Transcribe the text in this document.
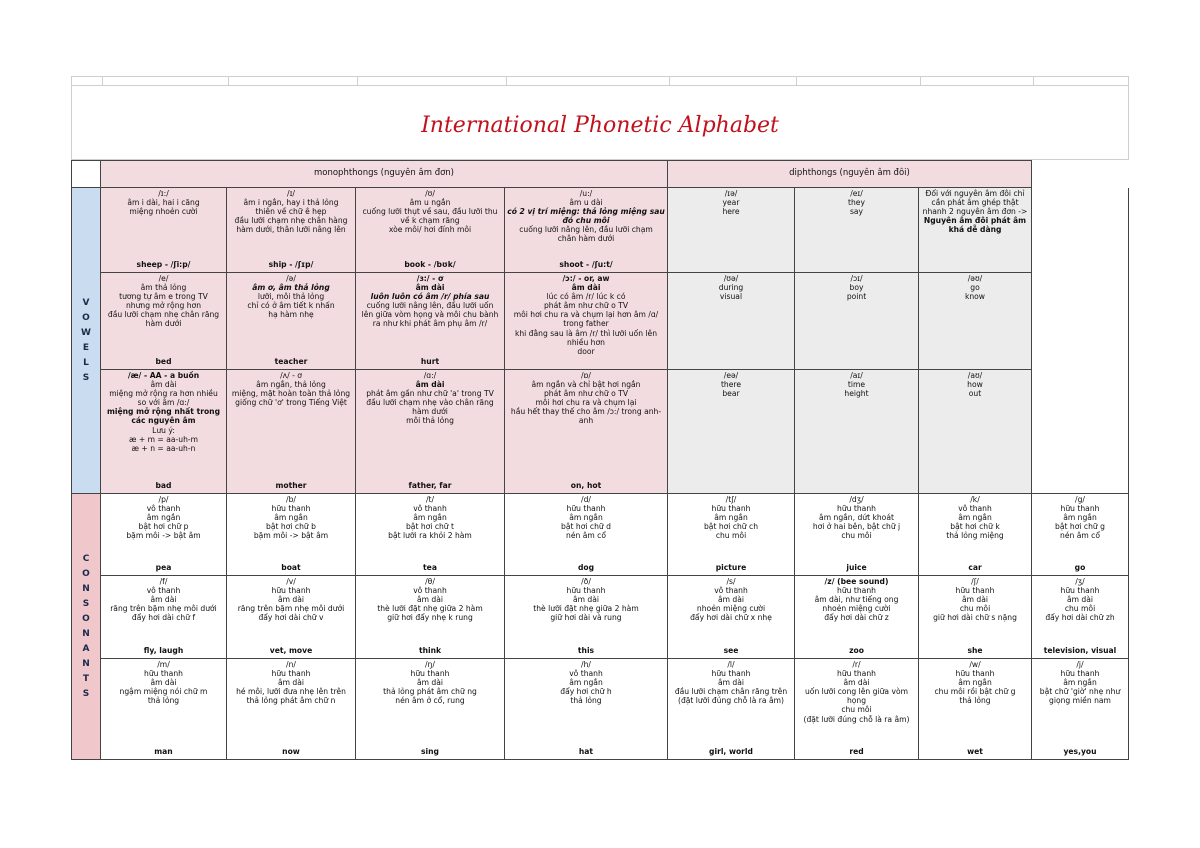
International Phonetic Alphabet
monophthongs (nguyên âm đơn)	diphthongs (nguyên âm đôi)
V
O
W
E
L
S
C
O
N
S
O
N
A
N
T
S

/ɪ:/

âm i dài, hai i căng

miệng nhoẻn cười

sheep - /ʃi:p/

/ɪ/

âm i ngắn, hay i thả lỏng

thiên về chữ ê hẹp

đầu lưỡi chạm nhẹ chân hàng

hàm dưới, thân lưỡi nâng lên

ship - /ʃɪp/

/ʊ/

âm u ngắn

cuống lưỡi thụt về sau, đầu lưỡi thu

về k chạm răng

xòe môi/ hơi đính môi

book - /bʊk/

/u:/

âm u dài

có 2 vị trí miệng: thả lỏng miệng sau đó chu môi

cuống lưỡi nâng lên, đầu lưỡi chạm

chân hàm dưới

shoot - /ʃu:t/

/ɪə/

year

here

/eɪ/

they

say

Đối với nguyên âm đôi chỉ

cần phát âm ghép thật

nhanh 2 nguyên âm đơn ->

Nguyên âm đôi phát âm

khá dễ dàng

/e/

âm thả lỏng

tương tự âm e trong TV

nhưng mở rộng hơn

đầu lưỡi chạm nhẹ chân răng

hàm dưới

bed

/ə/

âm ơ, âm thả lỏng

lưỡi, môi thả lỏng

chỉ có ở âm tiết k nhấn

hạ hàm nhẹ

teacher

/ɜ:/ - ơ

âm dài

luôn luôn có âm /r/ phía sau

cuống lưỡi nâng lên, đầu lưỡi uốn

lên giữa vòm họng và môi chu bành

ra như khi phát âm phụ âm /r/

hurt

/ɔ:/ - or, aw

âm dài

lúc có âm /r/ lúc k có

phát âm như chữ o TV

môi hơi chu ra và chụm lại hơn âm /ɑ/

trong father

khi đằng sau là âm /r/ thì lưỡi uốn lên

nhiều hơn

door

/ʊə/

during

visual

/ɔɪ/

boy

point

/əʊ/

go

know

/æ/ - AA - a buồn

âm dài

miệng mở rộng ra hơn nhiều

so với âm /ɑ:/

miệng mở rộng nhất trong

các nguyên âm

Lưu ý:

æ + m = aa-uh-m

æ + n = aa-uh-n

bad

/ʌ/ - ơ

âm ngắn, thả lỏng

miệng, mặt hoàn toàn thả lỏng

giống chữ 'ơ' trong Tiếng Việt

mother

/ɑ:/

âm dài

phát âm gần như chữ 'a' trong TV

đầu lưỡi chạm nhẹ vào chân răng

hàm dưới

môi thả lỏng

father, far

/ɒ/

âm ngắn và chỉ bật hơi ngắn

phát âm như chữ o TV

môi hơi chu ra và chụm lại

hầu hết thay thế cho âm /ɔ:/ trong anh-

anh

on, hot

/eə/

there

bear

/aɪ/

time

height

/aʊ/

how

out

/p/

vô thanh

âm ngắn

bật hơi chữ p

bặm môi -> bật âm

pea

/b/

hữu thanh

âm ngắn

bật hơi chữ b

bặm môi -> bật âm

boat

/t/

vô thanh

âm ngắn

bật hơi chữ t

bật lưỡi ra khỏi 2 hàm

tea

/d/

hữu thanh

âm ngắn

bật hơi chữ d

nén âm cổ

dog

/tʃ/

hữu thanh

âm ngắn

bật hơi chữ ch

chu môi

picture

/dʒ/

hữu thanh

âm ngắn, dứt khoát

hơi ở hai bên, bật chữ j

chu môi

juice

/k/

vô thanh

âm ngắn

bật hơi chữ k

thả lỏng miệng

car

/g/

hữu thanh

âm ngắn

bật hơi chữ g

nén âm cổ

go

/f/

vô thanh

âm dài

răng trên bặm nhẹ môi dưới

đẩy hơi dài chữ f

fly, laugh

/v/

hữu thanh

âm dài

răng trên bặm nhẹ môi dưới

đẩy hơi dài chữ v

vet, move

/θ/

vô thanh

âm dài

thè lưỡi đặt nhẹ giữa 2 hàm

giữ hơi đẩy nhẹ k rung

think

/ð/

hữu thanh

âm dài

thè lưỡi đặt nhẹ giữa 2 hàm

giữ hơi dài và rung

this

/s/

vô thanh

âm dài

nhoẻn miệng cười

đẩy hơi dài chữ x nhẹ

see

/z/ (bee sound)

hữu thanh

âm dài, như tiếng ong

nhoẻn miệng cười

đẩy hơi dài chữ z

zoo

/ʃ/

hữu thanh

âm dài

chu môi

giữ hơi dài chữ s nặng

she

/ʒ/

hữu thanh

âm dài

chu môi

đẩy hơi dài chữ zh

television, visual

/m/

hữu thanh

âm dài

ngậm miệng nói chữ m

thả lỏng

man

/n/

hữu thanh

âm dài

hé môi, lưỡi đưa nhẹ lên trên

thả lỏng phát âm chữ n

now

/ŋ/

hữu thanh

âm dài

thả lỏng phát âm chữ ng

nén âm ở cổ, rung

sing

/h/

vô thanh

âm ngắn

đẩy hơi chữ h

thả lỏng

hat

/l/

hữu thanh

âm dài

đầu lưỡi chạm chân răng trên

(đặt lưỡi đúng chỗ là ra âm)

girl, world

/r/

hữu thanh

âm dài

uốn lưỡi cong lên giữa vòm

họng

chu môi

(đặt lưỡi đúng chỗ là ra âm)

red

/w/

hữu thanh

âm ngắn

chu môi rồi bật chữ g

thả lỏng

wet

/j/

hữu thanh

âm ngắn

bật chữ 'giờ' nhẹ như

giọng miền nam

yes,you
